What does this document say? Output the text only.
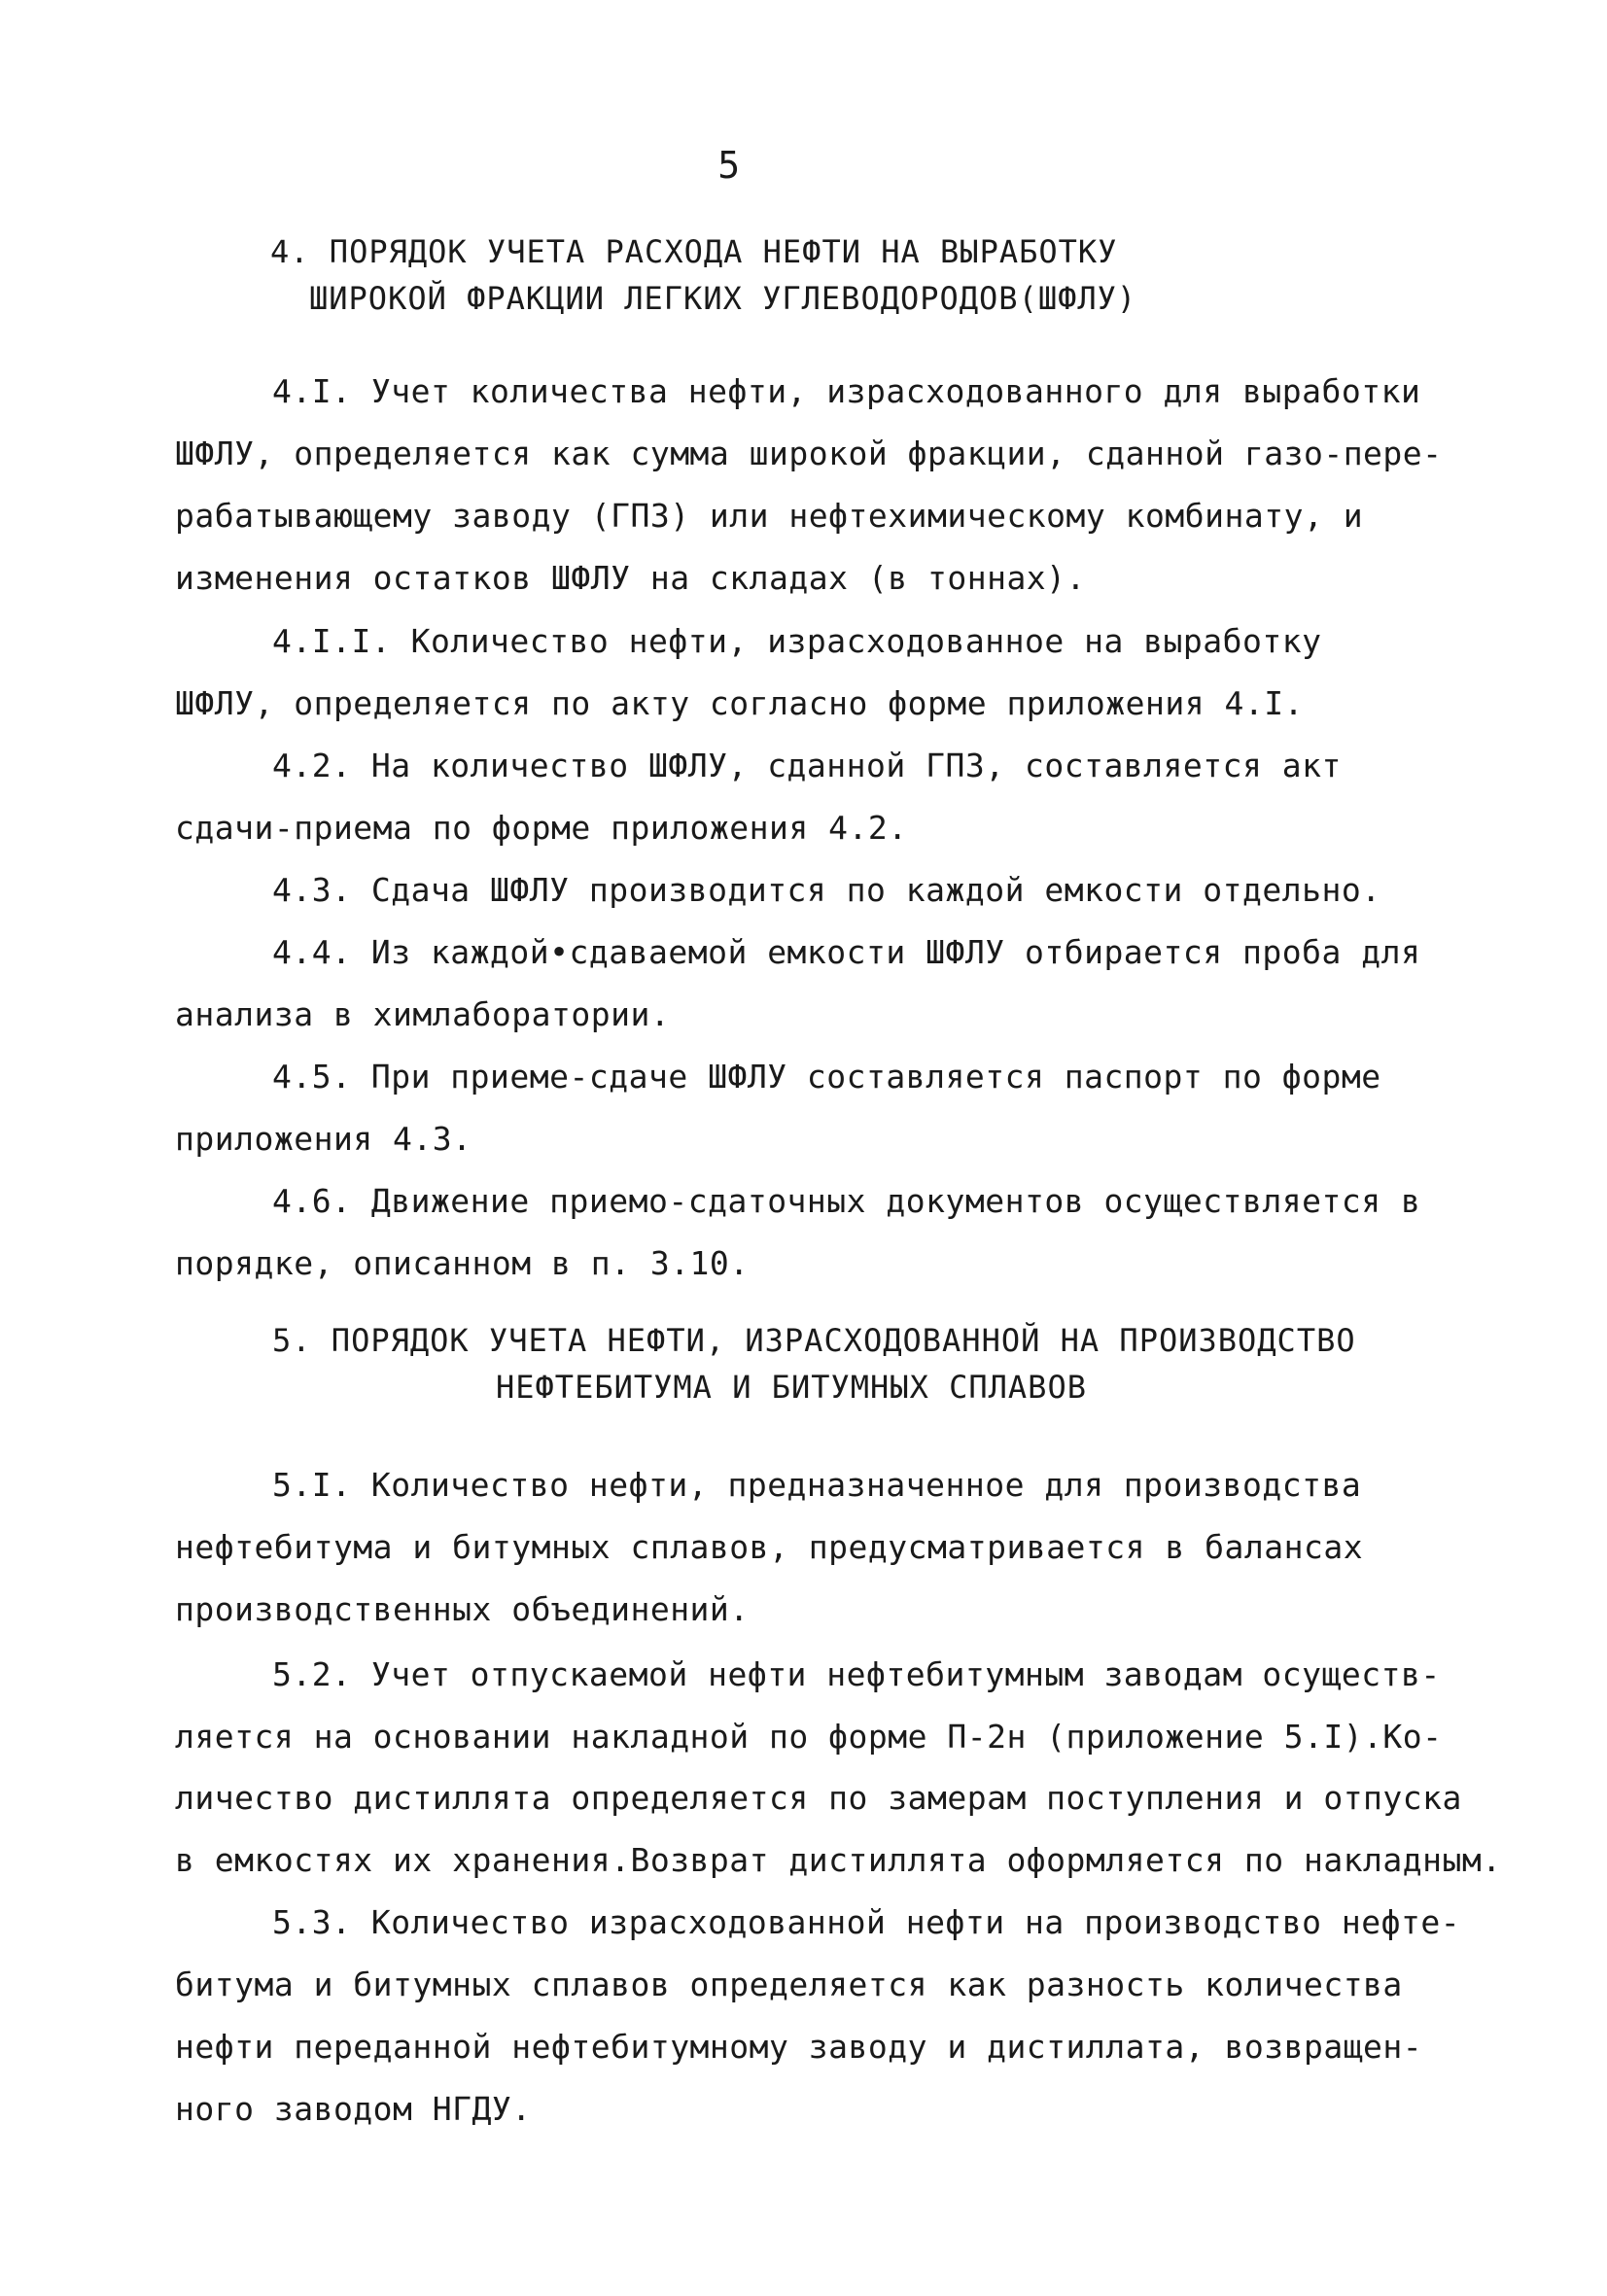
5
4. ПОРЯДОК УЧЕТА РАСХОДА НЕФТИ НА ВЫРАБОТКУ
ШИРОКОЙ ФРАКЦИИ ЛЕГКИХ УГЛЕВОДОРОДОВ(ШФЛУ)
4.I. Учет количества нефти, израсходованного для выработки
ШФЛУ, определяется как сумма широкой фракции, сданной газо-пере-
рабатывающему заводу (ГПЗ) или нефтехимическому комбинату, и
изменения остатков ШФЛУ на складах (в тоннах).
4.I.I. Количество нефти, израсходованное на выработку
ШФЛУ, определяется по акту согласно форме приложения 4.I.
4.2. На количество ШФЛУ, сданной ГПЗ, составляется акт
сдачи-приема по форме приложения 4.2.
4.3. Сдача ШФЛУ производится по каждой емкости отдельно.
4.4. Из каждой•сдаваемой емкости ШФЛУ отбирается проба для
анализа в химлаборатории.
4.5. При приеме-сдаче ШФЛУ составляется паспорт по форме
приложения 4.3.
4.6. Движение приемо-сдаточных документов осуществляется в
порядке, описанном в п. 3.10.
5. ПОРЯДОК УЧЕТА НЕФТИ, ИЗРАСХОДОВАННОЙ НА ПРОИЗВОДСТВО
НЕФТЕБИТУМА И БИТУМНЫХ СПЛАВОВ
5.I. Количество нефти, предназначенное для производства
нефтебитума и битумных сплавов, предусматривается в балансах
производственных объединений.
5.2. Учет отпускаемой нефти нефтебитумным заводам осуществ-
ляется на основании накладной по форме П-2н (приложение 5.I).Ко-
личество дистиллята определяется по замерам поступления и отпуска
в емкостях их хранения.Возврат дистиллята оформляется по накладным.
5.3. Количество израсходованной нефти на производство нефте-
битума и битумных сплавов определяется как разность количества
нефти переданной нефтебитумному заводу и дистиллата, возвращен-
ного заводом НГДУ.
